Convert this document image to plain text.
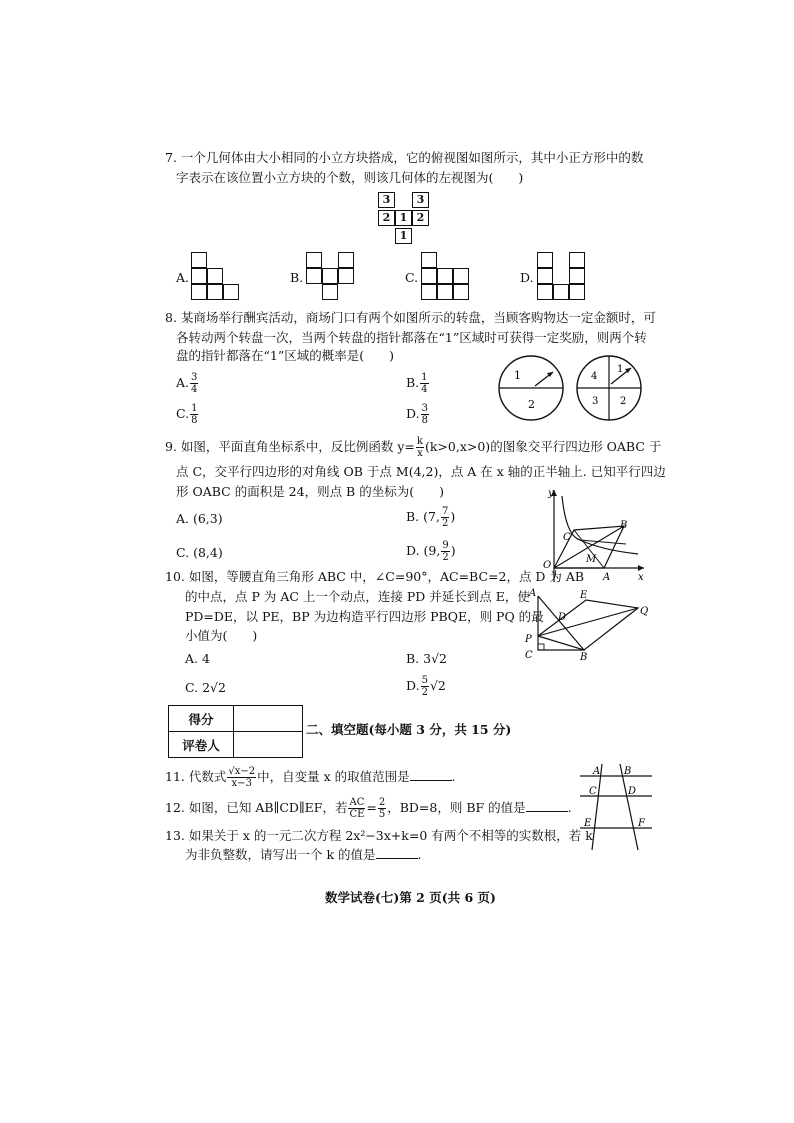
7. 一个几何体由大小相同的小立方块搭成，它的俯视图如图所示，其中小正方形中的数
字表示在该位置小立方块的个数，则该几何体的左视图为(　　)
3	3
2 1 2
1
A.	B.	C.	D.
8. 某商场举行酬宾活动，商场门口有两个如图所示的转盘，当顾客购物达一定金额时，可
各转动两个转盘一次，当两个转盘的指针都落在“1”区域时可获得一定奖励，则两个转
盘的指针都落在“1”区域的概率是(　　)
A. $\frac{3}{4}$	B. $\frac{1}{4}$
C. $\frac{1}{8}$	D. $\frac{3}{8}$
1
2
1
2
3
4
9. 如图，平面直角坐标系中，反比例函数 $y= \frac{k}{x} (k>0,x>0)$的图象交平行四边形 OABC 于
点 C，交平行四边形的对角线 OB 于点 M(4,2)，点 A 在 x 轴的正半轴上. 已知平行四边
形 OABC 的面积是 24，则点 B 的坐标为(　　)
A. (6,3)	B. (7, $\frac{7}{2}$ )
C. (8,4)	D. (9, $\frac{9}{2}$ )
y
x
O
A
B
C
M
10. 如图，等腰直角三角形 ABC 中，∠C=90°，AC=BC=2，点 D 为 AB
的中点，点 P 为 AC 上一个动点，连接 PD 并延长到点 E，使
PD=DE，以 PE，BP 为边构造平行四边形 PBQE，则 PQ 的最
小值为(　　)
A. 4	B. 3√2
C. 2√2	D. $\frac{5}{2} √2$
A	E
D
Q
P
C	B
得分	
评卷人	
二、填空题(每小题 3 分，共 15 分)
11. 代数式 $\frac{√x-2}{x-3}$ 中，自变量 x 的取值范围是	.
12. 如图，已知 AB∥CD∥EF，若 $\frac{AC}{CE} = \frac{2}{5}$ ，BD=8，则 BF 的值是	.
13. 如果关于 x 的一元二次方程 2x²−3x+k=0 有两个不相等的实数根，若 k
为非负整数，请写出一个 k 的值是	.
A B
C	D
E	F
数学试卷(七)第 2 页(共 6 页)
